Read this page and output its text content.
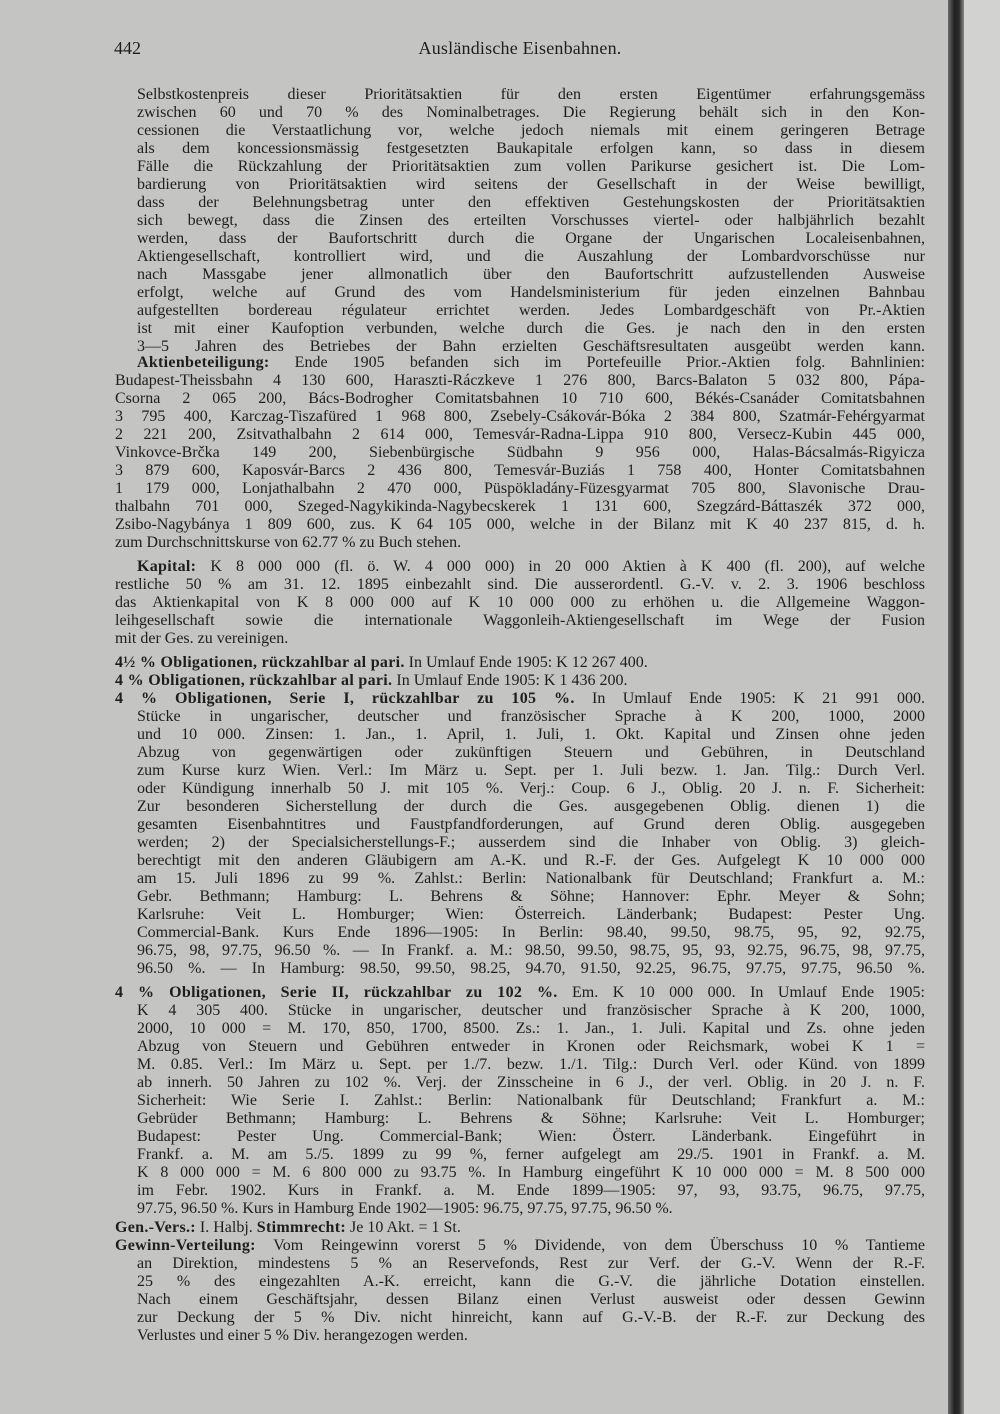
442	Ausländische Eisenbahnen.
Selbstkostenpreis dieser Prioritätsaktien für den ersten Eigentümer erfahrungsgemäss
zwischen 60 und 70 % des Nominalbetrages. Die Regierung behält sich in den Kon-
cessionen die Verstaatlichung vor, welche jedoch niemals mit einem geringeren Betrage
als dem koncessionsmässig festgesetzten Baukapitale erfolgen kann, so dass in diesem
Fälle die Rückzahlung der Prioritätsaktien zum vollen Parikurse gesichert ist. Die Lom-
bardierung von Prioritätsaktien wird seitens der Gesellschaft in der Weise bewilligt,
dass der Belehnungsbetrag unter den effektiven Gestehungskosten der Prioritätsaktien
sich bewegt, dass die Zinsen des erteilten Vorschusses viertel- oder halbjährlich bezahlt
werden, dass der Baufortschritt durch die Organe der Ungarischen Localeisenbahnen,
Aktiengesellschaft, kontrolliert wird, und die Auszahlung der Lombardvorschüsse nur
nach Massgabe jener allmonatlich über den Baufortschritt aufzustellenden Ausweise
erfolgt, welche auf Grund des vom Handelsministerium für jeden einzelnen Bahnbau
aufgestellten bordereau régulateur errichtet werden. Jedes Lombardgeschäft von Pr.-Aktien
ist mit einer Kaufoption verbunden, welche durch die Ges. je nach den in den ersten
3—5 Jahren des Betriebes der Bahn erzielten Geschäftsresultaten ausgeübt werden kann.
Aktienbeteiligung: Ende 1905 befanden sich im Portefeuille Prior.-Aktien folg. Bahnlinien:
Budapest-Theissbahn 4 130 600, Haraszti-Ráczkeve 1 276 800, Barcs-Balaton 5 032 800, Pápa-
Csorna 2 065 200, Bács-Bodrogher Comitatsbahnen 10 710 600, Békés-Csanáder Comitatsbahnen
3 795 400, Karczag-Tiszafüred 1 968 800, Zsebely-Csákovár-Bóka 2 384 800, Szatmár-Fehérgyarmat
2 221 200, Zsitvathalbahn 2 614 000, Temesvár-Radna-Lippa 910 800, Versecz-Kubin 445 000,
Vinkovce-Brčka 149 200, Siebenbürgische Südbahn 9 956 000, Halas-Bácsalmás-Rigyicza
3 879 600, Kaposvár-Barcs 2 436 800, Temesvár-Buziás 1 758 400, Honter Comitatsbahnen
1 179 000, Lonjathalbahn 2 470 000, Püspökladány-Füzesgyarmat 705 800, Slavonische Drau-
thalbahn 701 000, Szeged-Nagykikinda-Nagybecskerek 1 131 600, Szegzárd-Báttaszék 372 000,
Zsibo-Nagybánya 1 809 600, zus. K 64 105 000, welche in der Bilanz mit K 40 237 815, d. h.
zum Durchschnittskurse von 62.77 % zu Buch stehen.
Kapital: K 8 000 000 (fl. ö. W. 4 000 000) in 20 000 Aktien à K 400 (fl. 200), auf welche
restliche 50 % am 31. 12. 1895 einbezahlt sind. Die ausserordentl. G.-V. v. 2. 3. 1906 beschloss
das Aktienkapital von K 8 000 000 auf K 10 000 000 zu erhöhen u. die Allgemeine Waggon-
leihgesellschaft sowie die internationale Waggonleih-Aktiengesellschaft im Wege der Fusion
mit der Ges. zu vereinigen.
4½ % Obligationen, rückzahlbar al pari. In Umlauf Ende 1905: K 12 267 400.
4 % Obligationen, rückzahlbar al pari. In Umlauf Ende 1905: K 1 436 200.
4 % Obligationen, Serie I, rückzahlbar zu 105 %. In Umlauf Ende 1905: K 21 991 000.
Stücke in ungarischer, deutscher und französischer Sprache à K 200, 1000, 2000
und 10 000. Zinsen: 1. Jan., 1. April, 1. Juli, 1. Okt. Kapital und Zinsen ohne jeden
Abzug von gegenwärtigen oder zukünftigen Steuern und Gebühren, in Deutschland
zum Kurse kurz Wien. Verl.: Im März u. Sept. per 1. Juli bezw. 1. Jan. Tilg.: Durch Verl.
oder Kündigung innerhalb 50 J. mit 105 %. Verj.: Coup. 6 J., Oblig. 20 J. n. F. Sicherheit:
Zur besonderen Sicherstellung der durch die Ges. ausgegebenen Oblig. dienen 1) die
gesamten Eisenbahntitres und Faustpfandforderungen, auf Grund deren Oblig. ausgegeben
werden; 2) der Specialsicherstellungs-F.; ausserdem sind die Inhaber von Oblig. 3) gleich-
berechtigt mit den anderen Gläubigern am A.-K. und R.-F. der Ges. Aufgelegt K 10 000 000
am 15. Juli 1896 zu 99 %. Zahlst.: Berlin: Nationalbank für Deutschland; Frankfurt a. M.:
Gebr. Bethmann; Hamburg: L. Behrens & Söhne; Hannover: Ephr. Meyer & Sohn;
Karlsruhe: Veit L. Homburger; Wien: Österreich. Länderbank; Budapest: Pester Ung.
Commercial-Bank. Kurs Ende 1896—1905: In Berlin: 98.40, 99.50, 98.75, 95, 92, 92.75,
96.75, 98, 97.75, 96.50 %. — In Frankf. a. M.: 98.50, 99.50, 98.75, 95, 93, 92.75, 96.75, 98, 97.75,
96.50 %. — In Hamburg: 98.50, 99.50, 98.25, 94.70, 91.50, 92.25, 96.75, 97.75, 97.75, 96.50 %.
4 % Obligationen, Serie II, rückzahlbar zu 102 %. Em. K 10 000 000. In Umlauf Ende 1905:
K 4 305 400. Stücke in ungarischer, deutscher und französischer Sprache à K 200, 1000,
2000, 10 000 = M. 170, 850, 1700, 8500. Zs.: 1. Jan., 1. Juli. Kapital und Zs. ohne jeden
Abzug von Steuern und Gebühren entweder in Kronen oder Reichsmark, wobei K 1 =
M. 0.85. Verl.: Im März u. Sept. per 1./7. bezw. 1./1. Tilg.: Durch Verl. oder Künd. von 1899
ab innerh. 50 Jahren zu 102 %. Verj. der Zinsscheine in 6 J., der verl. Oblig. in 20 J. n. F.
Sicherheit: Wie Serie I. Zahlst.: Berlin: Nationalbank für Deutschland; Frankfurt a. M.:
Gebrüder Bethmann; Hamburg: L. Behrens & Söhne; Karlsruhe: Veit L. Homburger;
Budapest: Pester Ung. Commercial-Bank; Wien: Österr. Länderbank. Eingeführt in
Frankf. a. M. am 5./5. 1899 zu 99 %, ferner aufgelegt am 29./5. 1901 in Frankf. a. M.
K 8 000 000 = M. 6 800 000 zu 93.75 %. In Hamburg eingeführt K 10 000 000 = M. 8 500 000
im Febr. 1902. Kurs in Frankf. a. M. Ende 1899—1905: 97, 93, 93.75, 96.75, 97.75,
97.75, 96.50 %. Kurs in Hamburg Ende 1902—1905: 96.75, 97.75, 97.75, 96.50 %.
Gen.-Vers.: I. Halbj. Stimmrecht: Je 10 Akt. = 1 St.
Gewinn-Verteilung: Vom Reingewinn vorerst 5 % Dividende, von dem Überschuss 10 % Tantieme
an Direktion, mindestens 5 % an Reservefonds, Rest zur Verf. der G.-V. Wenn der R.-F.
25 % des eingezahlten A.-K. erreicht, kann die G.-V. die jährliche Dotation einstellen.
Nach einem Geschäftsjahr, dessen Bilanz einen Verlust ausweist oder dessen Gewinn
zur Deckung der 5 % Div. nicht hinreicht, kann auf G.-V.-B. der R.-F. zur Deckung des
Verlustes und einer 5 % Div. herangezogen werden.
